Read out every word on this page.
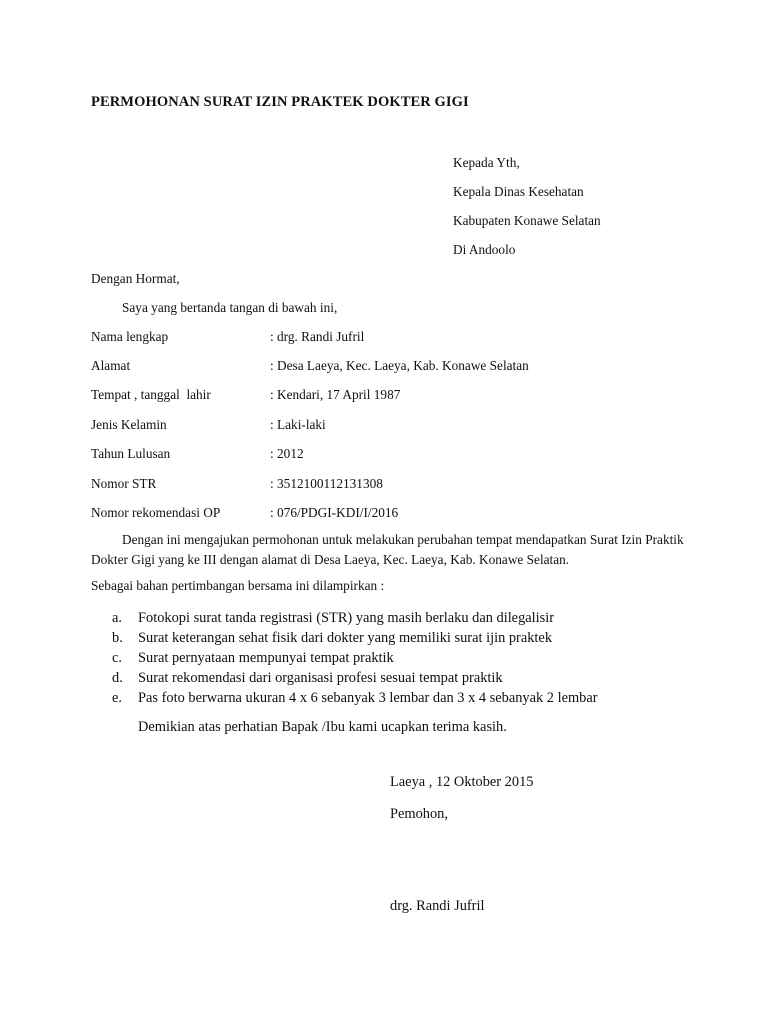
PERMOHONAN SURAT IZIN PRAKTEK DOKTER GIGI
Kepada Yth,
Kepala Dinas Kesehatan
Kabupaten Konawe Selatan
Di Andoolo
Dengan Hormat,
Saya yang bertanda tangan di bawah ini,
Nama lengkap	: drg. Randi Jufril
Alamat	: Desa Laeya, Kec. Laeya, Kab. Konawe Selatan
Tempat , tanggal  lahir	: Kendari, 17 April 1987
Jenis Kelamin	: Laki-laki
Tahun Lulusan	: 2012
Nomor STR	: 3512100112131308
Nomor rekomendasi OP	: 076/PDGI-KDI/I/2016
Dengan ini mengajukan permohonan untuk melakukan perubahan tempat mendapatkan Surat Izin Praktik Dokter Gigi yang ke III dengan alamat di Desa Laeya, Kec. Laeya, Kab. Konawe Selatan.
Sebagai bahan pertimbangan bersama ini dilampirkan :
a. Fotokopi surat tanda registrasi (STR) yang masih berlaku dan dilegalisir
b. Surat keterangan sehat fisik dari dokter yang memiliki surat ijin praktek
c. Surat pernyataan mempunyai tempat praktik
d. Surat rekomendasi dari organisasi profesi sesuai tempat praktik
e. Pas foto berwarna ukuran 4 x 6 sebanyak 3 lembar dan 3 x 4 sebanyak 2 lembar
Demikian atas perhatian Bapak /Ibu kami ucapkan terima kasih.
Laeya , 12 Oktober 2015
Pemohon,
drg. Randi Jufril
